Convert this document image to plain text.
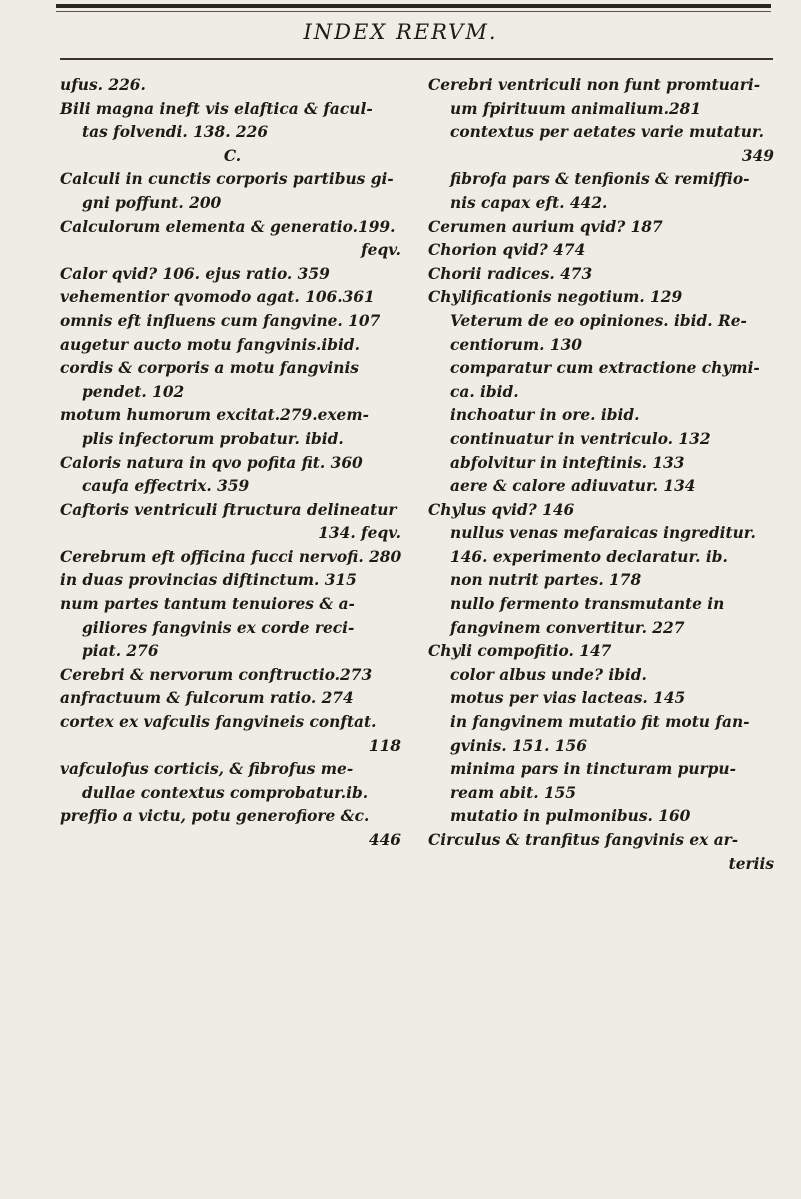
INDEX RERVM.
ufus. 226.
Bili magna ineft vis elaftica & facul-
tas folvendi. 138. 226
C.
Calculi in cunctis corporis partibus gi-
gni poffunt. 200
Calculorum elementa & generatio.199.
feqv.
Calor qvid? 106. ejus ratio. 359
vehementior qvomodo agat. 106.361
omnis eft influens cum fangvine. 107
augetur aucto motu fangvinis.ibid.
cordis & corporis a motu fangvinis
pendet. 102
motum humorum excitat.279.exem-
plis infectorum probatur. ibid.
Caloris natura in qvo pofita fit. 360
caufa effectrix. 359
Caftoris ventriculi ftructura delineatur
134. feqv.
Cerebrum eft officina fucci nervofi. 280
in duas provincias diftinctum. 315
num partes tantum tenuiores & a-
giliores fangvinis ex corde reci-
piat. 276
Cerebri & nervorum conftructio.273
anfractuum & fulcorum ratio. 274
cortex ex vafculis fangvineis conftat.
118
vafculofus corticis, & fibrofus me-
dullae contextus comprobatur.ib.
preffio a victu, potu generofiore &c.
446
Cerebri ventriculi non funt promtuari-
um fpirituum animalium.281
contextus per aetates varie mutatur.
349
fibrofa pars & tenfionis & remiffio-
nis capax eft. 442.
Cerumen aurium qvid? 187
Chorion qvid? 474
Chorii radices. 473
Chylificationis negotium. 129
Veterum de eo opiniones. ibid. Re-
centiorum. 130
comparatur cum extractione chymi-
ca. ibid.
inchoatur in ore. ibid.
continuatur in ventriculo. 132
abfolvitur in inteftinis. 133
aere & calore adiuvatur. 134
Chylus qvid? 146
nullus venas mefaraicas ingreditur.
146. experimento declaratur. ib.
non nutrit partes. 178
nullo fermento transmutante in
fangvinem convertitur. 227
Chyli compofitio. 147
color albus unde? ibid.
motus per vias lacteas. 145
in fangvinem mutatio fit motu fan-
gvinis. 151. 156
minima pars in tincturam purpu-
ream abit. 155
mutatio in pulmonibus. 160
Circulus & tranfitus fangvinis ex ar-
teriis
